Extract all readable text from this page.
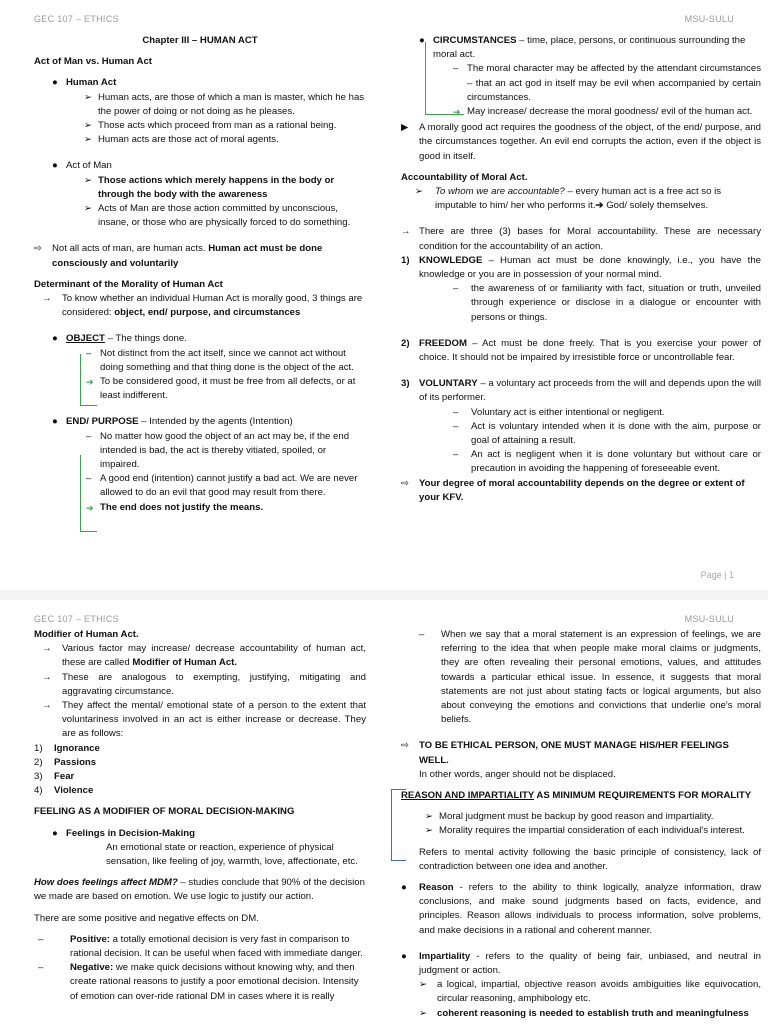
GEC 107 – ETHICS	MSU-SULU

Chapter III – HUMAN ACT

Act of Man vs. Human Act

● Human Act
➢ Human acts, are those of which a man is master, which he has the power of doing or not doing as he pleases.
➢ Those acts which proceed from man as a rational being.
➢ Human acts are those act of moral agents.
● Act of Man
➢ Those actions which merely happens in the body or through the body with the awareness
➢ Acts of Man are those action committed by unconscious, insane, or those who are physically forced to do something.
⇨	Not all acts of man, are human acts. Human act must be done consciously and voluntarily

Determinant of the Morality of Human Act

→	To know whether an individual Human Act is morally good, 3 things are considered: object, end/ purpose, and circumstances
● OBJECT – The things done.
– Not distinct from the act itself, since we cannot act without doing something and that thing done is the object of the act.
➔ To be considered good, it must be free from all defects, or at least indifferent.
● END/ PURPOSE – Intended by the agents (Intention)
– No matter how good the object of an act may be, if the end intended is bad, the act is thereby vitiated, spoiled, or impaired.
– A good end (intention) cannot justify a bad act. We are never allowed to do an evil that good may result from there.
➔ The end does not justify the means.
● CIRCUMSTANCES – time, place, persons, or continuous surrounding the moral act.
– The moral character may be affected by the attendant circumstances – that an act god in itself may be evil when accompanied by certain circumstances.
➔ May increase/ decrease the moral goodness/ evil of the human act.
▶	A morally good act requires the goodness of the object, of the end/ purpose, and the circumstances together. An evil end corrupts the action, even if the object is good in itself.

Accountability of Moral Act.

➢	To whom we are accountable? – every human act is a free act so is imputable to him/ her who performs it.➔ God/ solely themselves.
→ There are three (3) bases for Moral accountability. These are necessary condition for the accountability of an action.
1) KNOWLEDGE – Human act must be done knowingly, i.e., you have the knowledge or you are in possession of your normal mind.
–	the awareness of or familiarity with fact, situation or truth, unveiled through experience or disclose in a dialogue or encounter with persons or things.
2) FREEDOM – Act must be done freely. That is you exercise your power of choice. It should not be impaired by irresistible force or uncontrollable fear.
3) VOLUNTARY – a voluntary act proceeds from the will and depends upon the will of its performer.
–	Voluntary act is either intentional or negligent.
–	Act is voluntary intended when it is done with the aim, purpose or goal of attaining a result.
–	An act is negligent when it is done voluntary but without care or precaution in avoiding the happening of foreseeable event.
⇨	Your degree of moral accountability depends on the degree or extent of your KFV.
Page | 1
GEC 107 – ETHICS	MSU-SULU

Modifier of Human Act.

→	Various factor may increase/ decrease accountability of human act, these are called Modifier of Human Act.
→	These are analogous to exempting, justifying, mitigating and aggravating circumstance.
→	They affect the mental/ emotional state of a person to the extent that voluntariness involved in an act is either increase or decrease. They are as follows:
1)	Ignorance
2)	Passions
3)	Fear
4)	Violence

FEELING AS A MODIFIER OF MORAL DECISION-MAKING

● Feelings in Decision-Making

An emotional state or reaction, experience of physical sensation, like feeling of joy, warmth, love, affectionate, etc.

How does feelings affect MDM? – studies conclude that 90% of the decision we made are based on emotion. We use logic to justify our action.

There are some positive and negative effects on DM.

–	Positive: a totally emotional decision is very fast in comparison to rational decision. It can be useful when faced with immediate danger.
–	Negative: we make quick decisions without knowing why, and then create rational reasons to justify a poor emotional decision. Intensity of emotion can over-ride rational DM in cases where it is really
–	When we say that a moral statement is an expression of feelings, we are referring to the idea that when people make moral claims or judgments, they are often revealing their personal emotions, values, and attitudes towards a particular ethical issue. In essence, it suggests that moral statements are not just about stating facts or logical arguments, but also about conveying the emotions and convictions that underlie one's moral beliefs.
⇨	TO BE ETHICAL PERSON, ONE MUST MANAGE HIS/HER FEELINGS WELL.

In other words, anger should not be displaced.

REASON AND IMPARTIALITY AS MINIMUM REQUIREMENTS FOR MORALITY

➢ Moral judgment must be backup by good reason and impartiality.
➢ Morality requires the impartial consideration of each individual's interest.

Refers to mental activity following the basic principle of consistency, lack of contradiction between one idea and another.

●	Reason - refers to the ability to think logically, analyze information, draw conclusions, and make sound judgments based on facts, evidence, and principles. Reason allows individuals to process information, solve problems, and make decisions in a rational and coherent manner.
●	Impartiality - refers to the quality of being fair, unbiased, and neutral in judgment or action.
➢	a logical, impartial, objective reason avoids ambiguities like equivocation, circular reasoning, amphibology etc.
➢	coherent reasoning is needed to establish truth and meaningfulness
